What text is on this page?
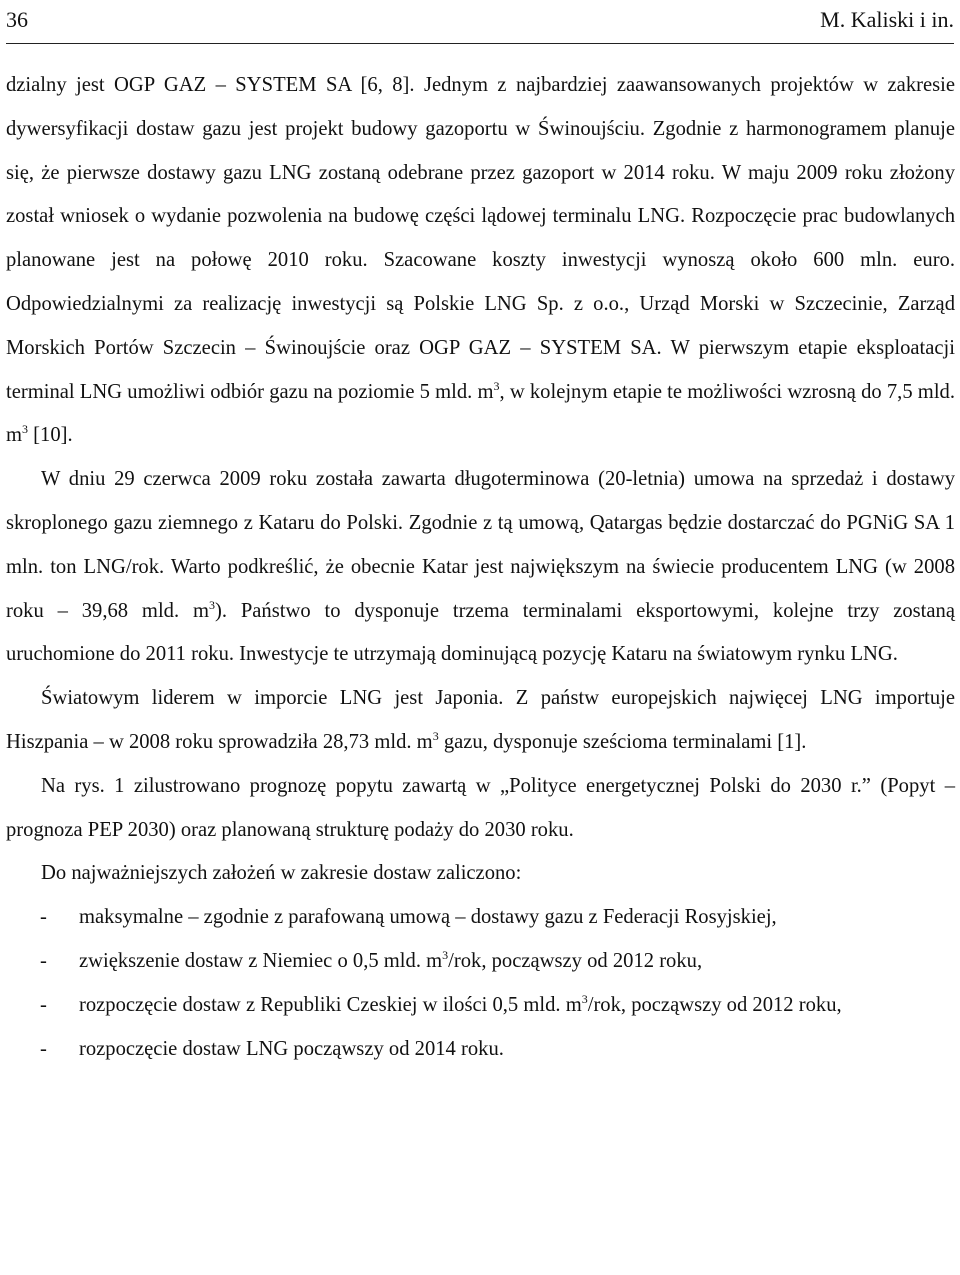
36	M. Kaliski i in.

dzialny jest OGP GAZ – SYSTEM SA [6, 8]. Jednym z najbardziej zaawansowanych projektów w zakresie dywersyfikacji dostaw gazu jest projekt budowy gazoportu w Świnoujściu. Zgodnie z harmonogramem planuje się, że pierwsze dostawy gazu LNG zostaną odebrane przez gazoport w 2014 roku. W maju 2009 roku złożony został wniosek o wydanie pozwolenia na budowę części lądowej terminalu LNG. Rozpoczęcie prac budowlanych planowane jest na połowę 2010 roku. Szacowane koszty inwestycji wynoszą około 600 mln. euro. Odpowiedzialnymi za realizację inwestycji są Polskie LNG Sp. z o.o., Urząd Morski w Szczecinie, Zarząd Morskich Portów Szczecin – Świnoujście oraz OGP GAZ – SYSTEM SA. W pierwszym etapie eksploatacji terminal LNG umożliwi odbiór gazu na poziomie 5 mld. $m^3$, w kolejnym etapie te możliwości wzrosną do 7,5 mld. $m^3$ [10].

W dniu 29 czerwca 2009 roku została zawarta długoterminowa (20-letnia) umowa na sprzedaż i dostawy skroplonego gazu ziemnego z Kataru do Polski. Zgodnie z tą umową, Qatargas będzie dostarczać do PGNiG SA 1 mln. ton LNG/rok. Warto podkreślić, że obecnie Katar jest największym na świecie producentem LNG (w 2008 roku – 39,68 mld. $m^3$). Państwo to dysponuje trzema terminalami eksportowymi, kolejne trzy zostaną uruchomione do 2011 roku. Inwestycje te utrzymają dominującą pozycję Kataru na światowym rynku LNG.

Światowym liderem w imporcie LNG jest Japonia. Z państw europejskich najwięcej LNG importuje Hiszpania – w 2008 roku sprowadziła 28,73 mld. $m^3$ gazu, dysponuje sześcioma terminalami [1].

Na rys. 1 zilustrowano prognozę popytu zawartą w „Polityce energetycznej Polski do 2030 r.” (Popyt – prognoza PEP 2030) oraz planowaną strukturę podaży do 2030 roku.

Do najważniejszych założeń w zakresie dostaw zaliczono:

- maksymalne – zgodnie z parafowaną umową – dostawy gazu z Federacji Rosyjskiej,
- zwiększenie dostaw z Niemiec o 0,5 mld. $m^3$/rok, począwszy od 2012 roku,
- rozpoczęcie dostaw z Republiki Czeskiej w ilości 0,5 mld. $m^3$/rok, począwszy od 2012 roku,
- rozpoczęcie dostaw LNG począwszy od 2014 roku.
